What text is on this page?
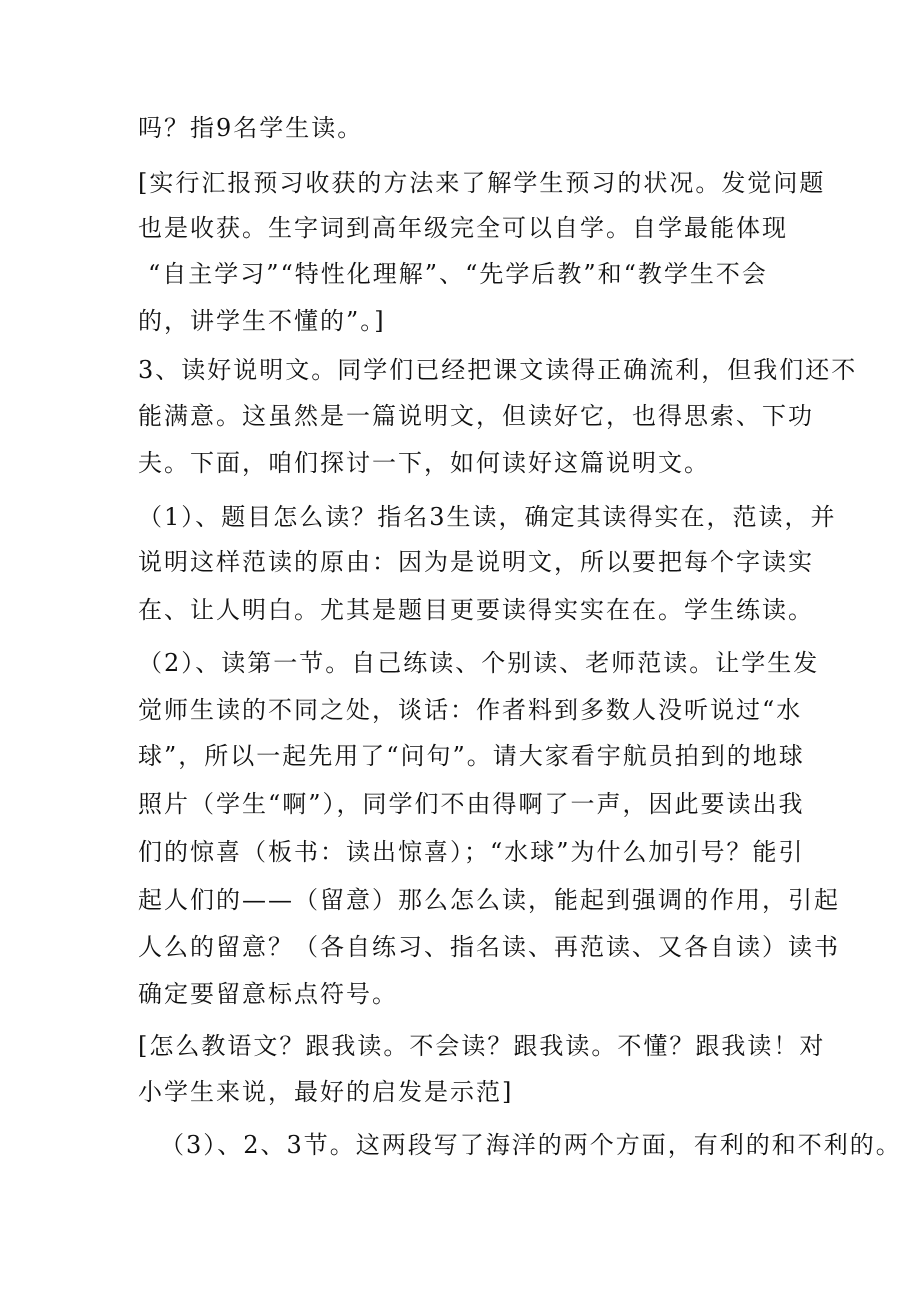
吗？指9名学生读。

[实行汇报预习收获的方法来了解学生预习的状况。发觉问题

也是收获。生字词到高年级完全可以自学。自学最能体现

“自主学习”“特性化理解”、“先学后教”和“教学生不会

的，讲学生不懂的”。]

3、读好说明文。同学们已经把课文读得正确流利，但我们还不

能满意。这虽然是一篇说明文，但读好它，也得思索、下功

夫。下面，咱们探讨一下，如何读好这篇说明文。

（1）、题目怎么读？指名3生读，确定其读得实在，范读，并

说明这样范读的原由：因为是说明文，所以要把每个字读实

在、让人明白。尤其是题目更要读得实实在在。学生练读。

（2）、读第一节。自己练读、个别读、老师范读。让学生发

觉师生读的不同之处，谈话：作者料到多数人没听说过“水

球”，所以一起先用了“问句”。请大家看宇航员拍到的地球

照片（学生“啊”），同学们不由得啊了一声，因此要读出我

们的惊喜（板书：读出惊喜）；“水球”为什么加引号？能引

起人们的——（留意）那么怎么读，能起到强调的作用，引起

人么的留意？（各自练习、指名读、再范读、又各自读）读书

确定要留意标点符号。

[怎么教语文？跟我读。不会读？跟我读。不懂？跟我读！对

小学生来说，最好的启发是示范]

（3）、2、3节。这两段写了海洋的两个方面，有利的和不利的。
